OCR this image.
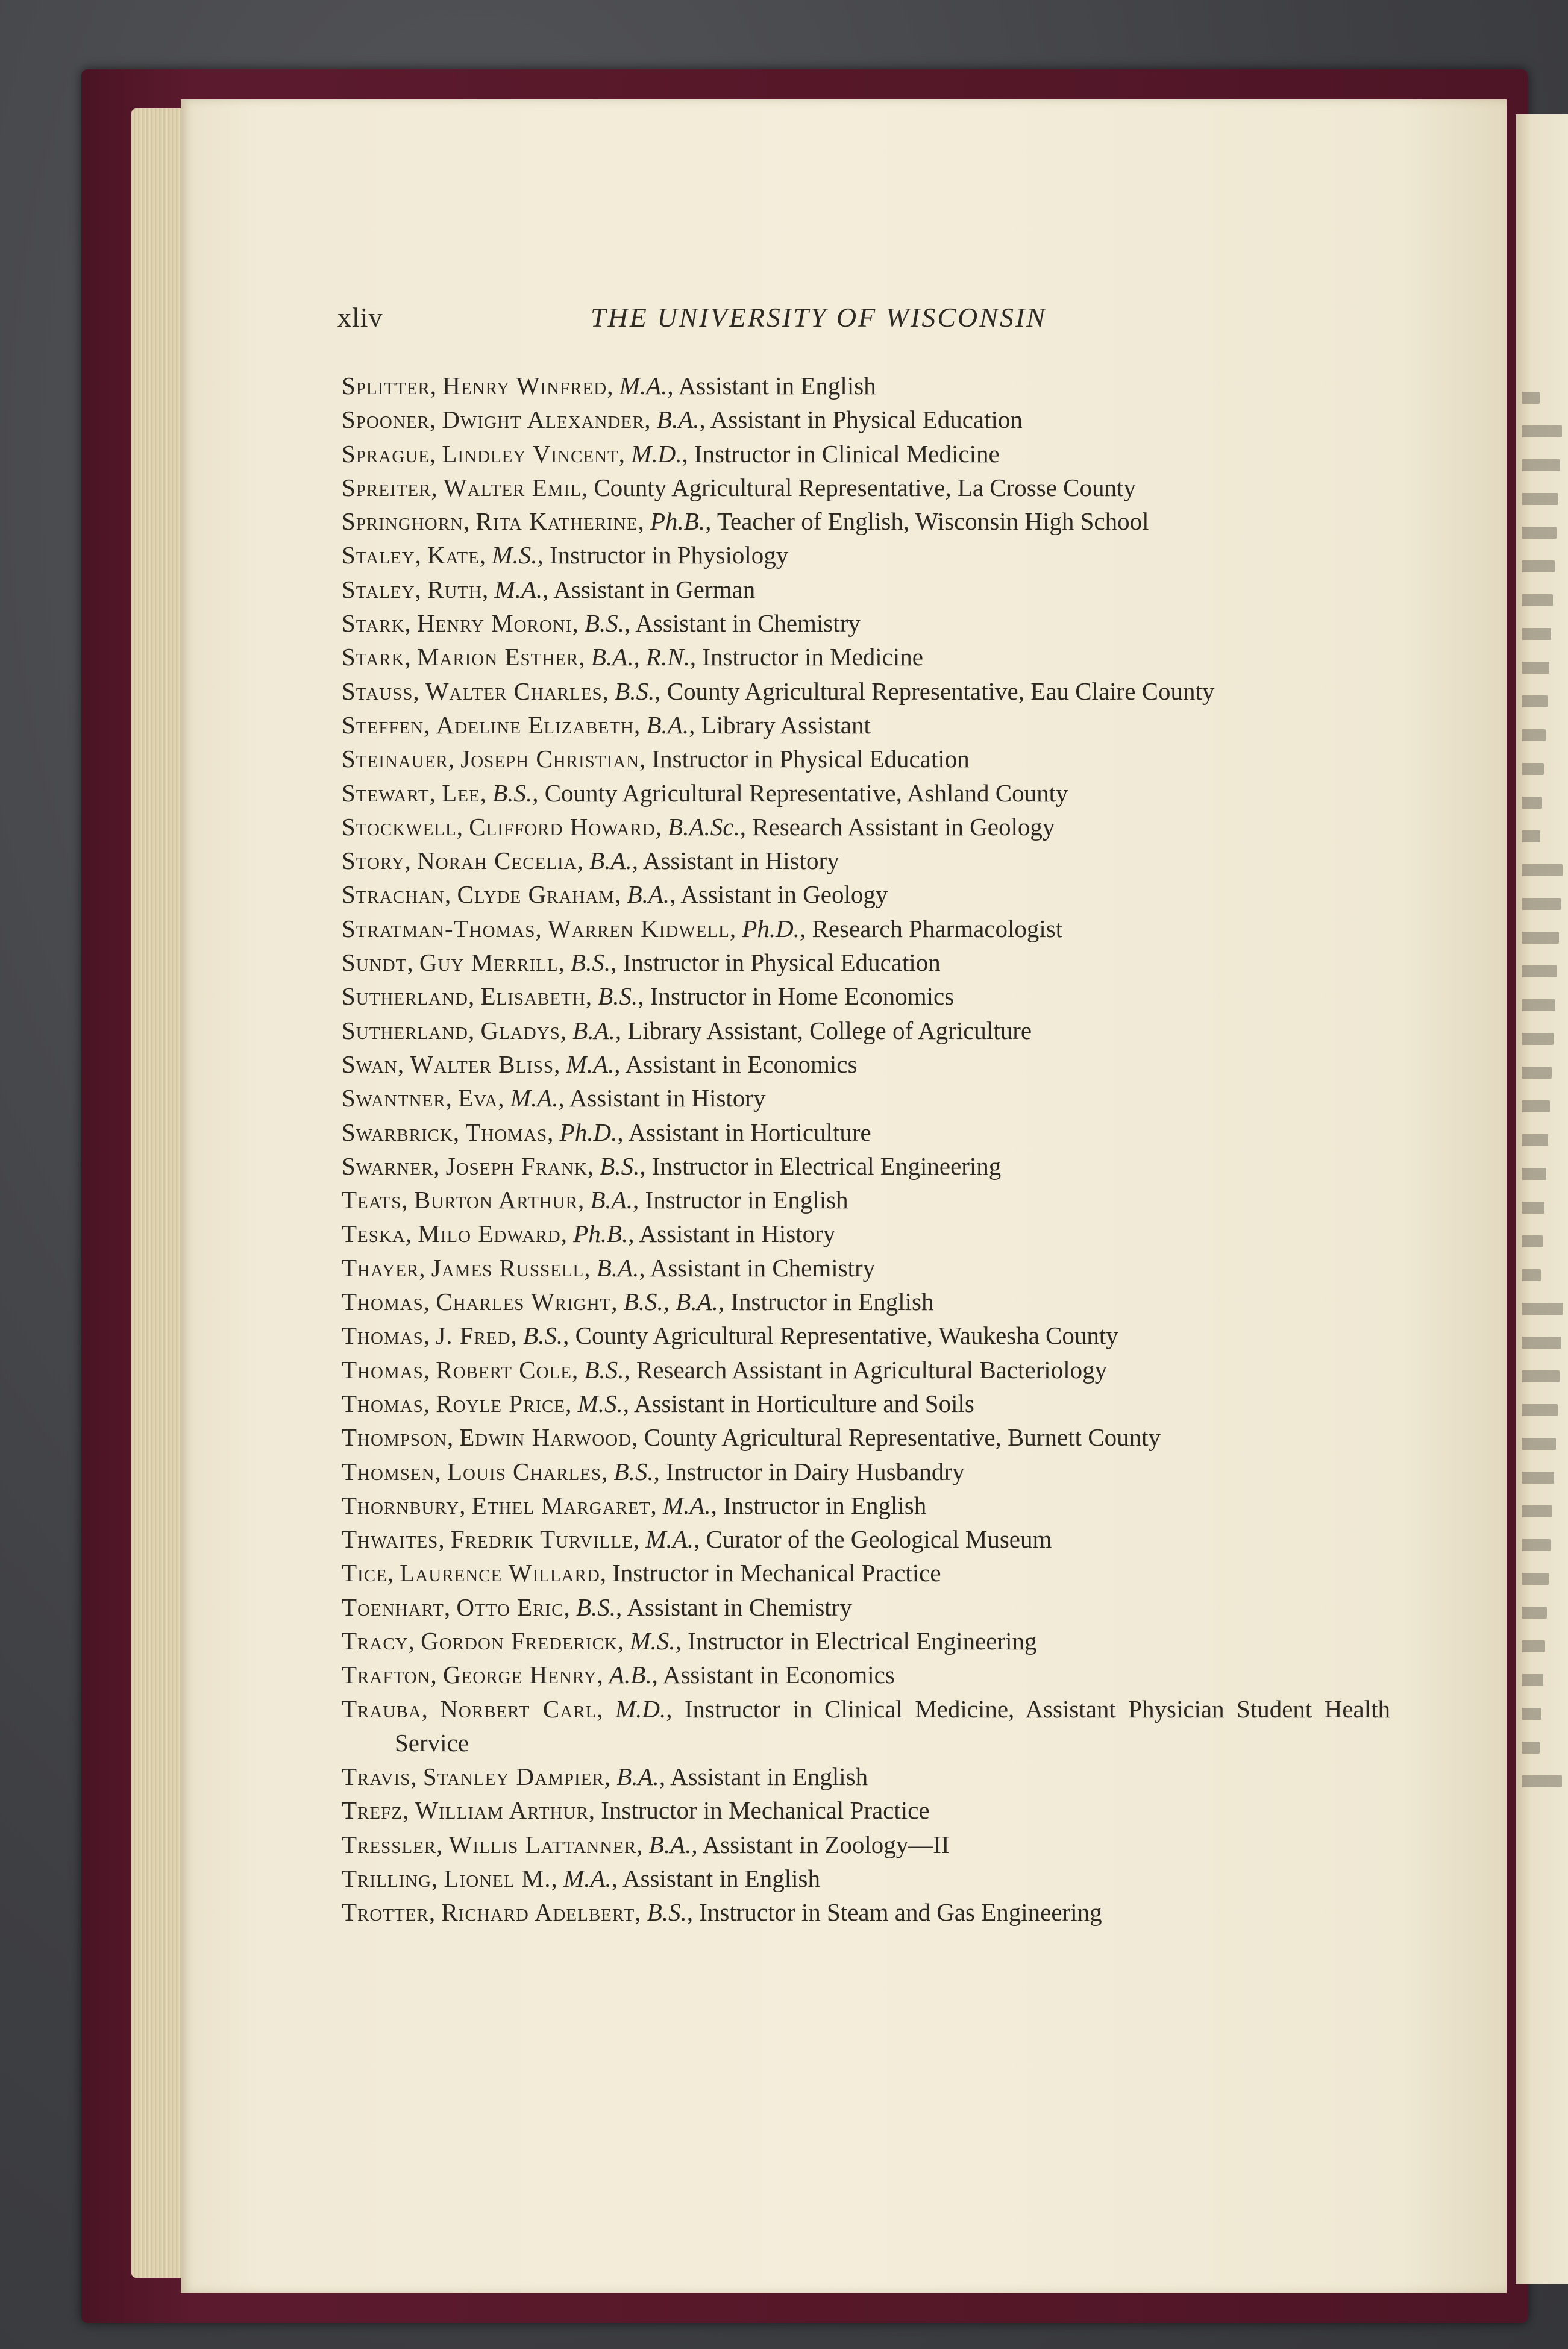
xliv	THE UNIVERSITY OF WISCONSIN

Splitter, Henry Winfred, M.A., Assistant in English

Spooner, Dwight Alexander, B.A., Assistant in Physical Education

Sprague, Lindley Vincent, M.D., Instructor in Clinical Medicine

Spreiter, Walter Emil, County Agricultural Representative, La Crosse County

Springhorn, Rita Katherine, Ph.B., Teacher of English, Wisconsin High School

Staley, Kate, M.S., Instructor in Physiology

Staley, Ruth, M.A., Assistant in German

Stark, Henry Moroni, B.S., Assistant in Chemistry

Stark, Marion Esther, B.A., R.N., Instructor in Medicine

Stauss, Walter Charles, B.S., County Agricultural Representative, Eau Claire County

Steffen, Adeline Elizabeth, B.A., Library Assistant

Steinauer, Joseph Christian, Instructor in Physical Education

Stewart, Lee, B.S., County Agricultural Representative, Ashland County

Stockwell, Clifford Howard, B.A.Sc., Research Assistant in Geology

Story, Norah Cecelia, B.A., Assistant in History

Strachan, Clyde Graham, B.A., Assistant in Geology

Stratman-Thomas, Warren Kidwell, Ph.D., Research Pharmacologist

Sundt, Guy Merrill, B.S., Instructor in Physical Education

Sutherland, Elisabeth, B.S., Instructor in Home Economics

Sutherland, Gladys, B.A., Library Assistant, College of Agriculture

Swan, Walter Bliss, M.A., Assistant in Economics

Swantner, Eva, M.A., Assistant in History

Swarbrick, Thomas, Ph.D., Assistant in Horticulture

Swarner, Joseph Frank, B.S., Instructor in Electrical Engineering

Teats, Burton Arthur, B.A., Instructor in English

Teska, Milo Edward, Ph.B., Assistant in History

Thayer, James Russell, B.A., Assistant in Chemistry

Thomas, Charles Wright, B.S., B.A., Instructor in English

Thomas, J. Fred, B.S., County Agricultural Representative, Waukesha County

Thomas, Robert Cole, B.S., Research Assistant in Agricultural Bacteriology

Thomas, Royle Price, M.S., Assistant in Horticulture and Soils

Thompson, Edwin Harwood, County Agricultural Representative, Burnett County

Thomsen, Louis Charles, B.S., Instructor in Dairy Husbandry

Thornbury, Ethel Margaret, M.A., Instructor in English

Thwaites, Fredrik Turville, M.A., Curator of the Geological Museum

Tice, Laurence Willard, Instructor in Mechanical Practice

Toenhart, Otto Eric, B.S., Assistant in Chemistry

Tracy, Gordon Frederick, M.S., Instructor in Electrical Engineering

Trafton, George Henry, A.B., Assistant in Economics

Trauba, Norbert Carl, M.D., Instructor in Clinical Medicine, Assistant Physician Student Health Service

Travis, Stanley Dampier, B.A., Assistant in English

Trefz, William Arthur, Instructor in Mechanical Practice

Tressler, Willis Lattanner, B.A., Assistant in Zoology—II

Trilling, Lionel M., M.A., Assistant in English

Trotter, Richard Adelbert, B.S., Instructor in Steam and Gas Engineering
